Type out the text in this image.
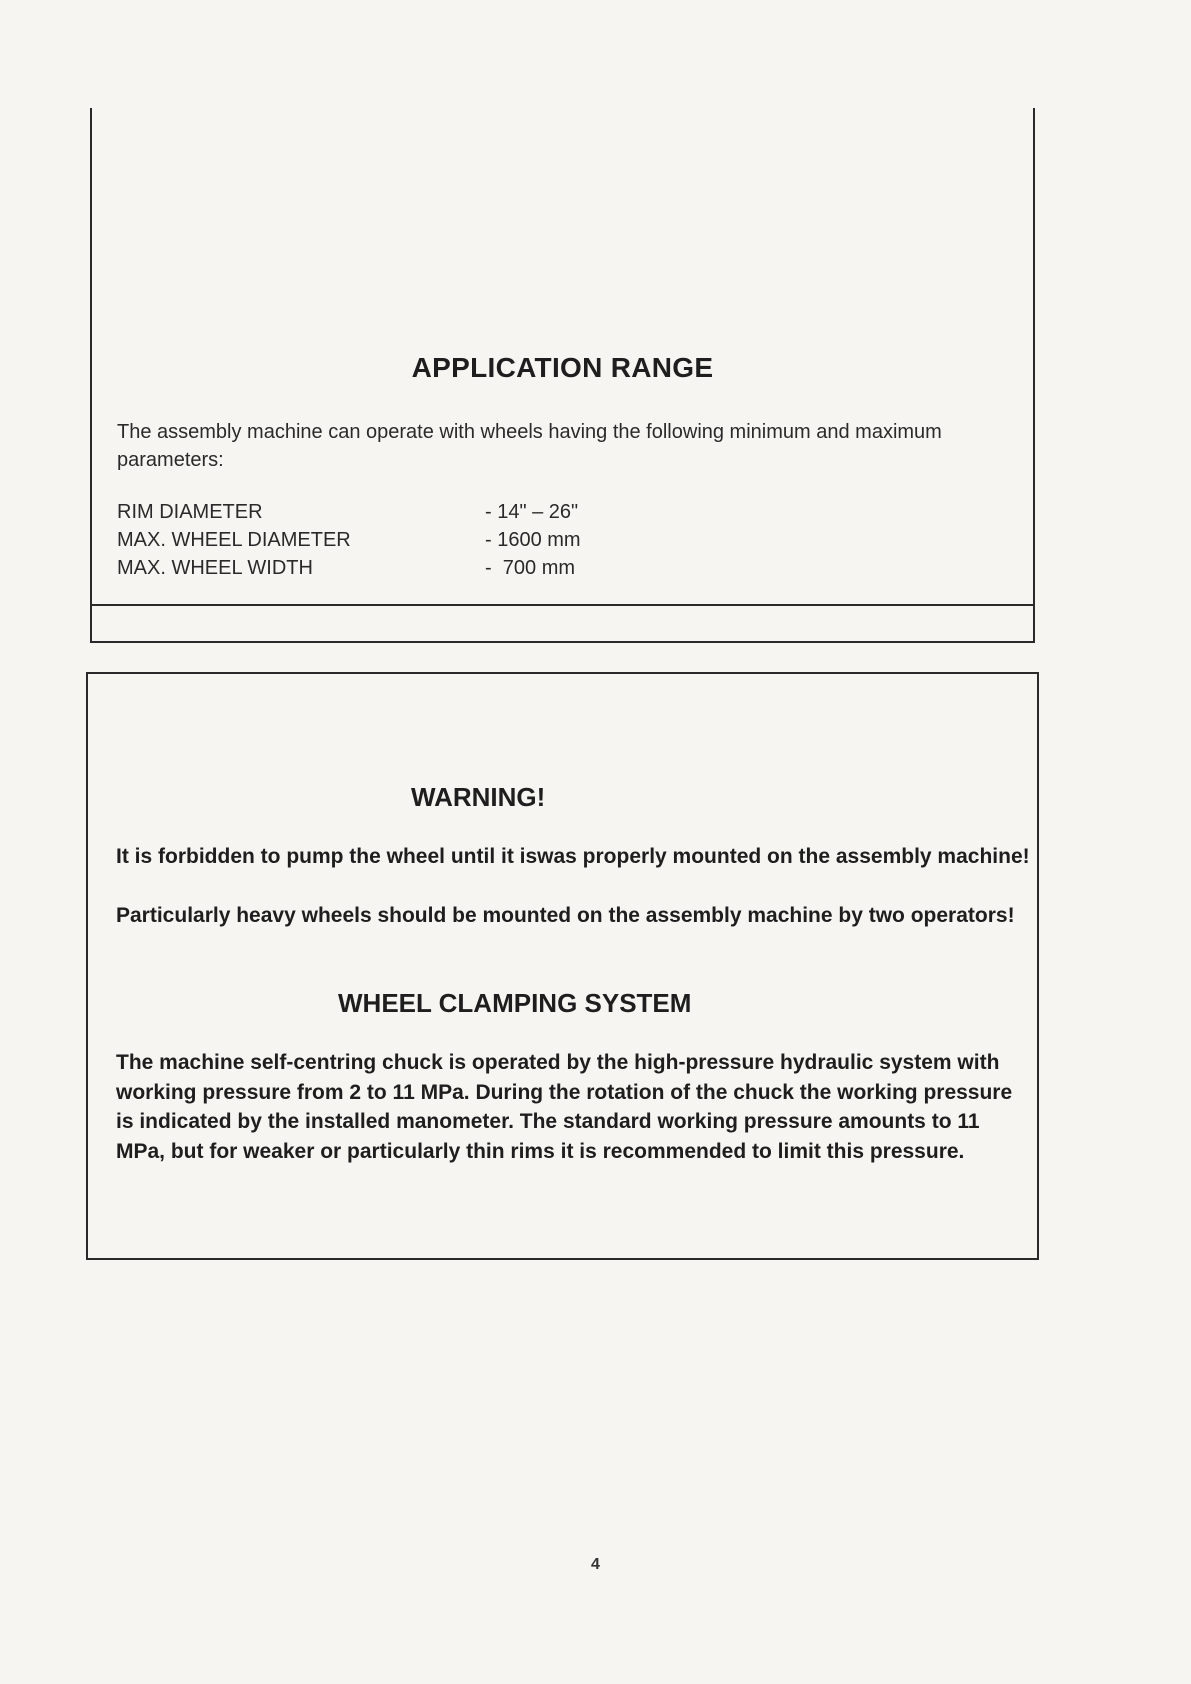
APPLICATION RANGE

The assembly machine can operate with wheels having the following minimum and maximum parameters:

RIM DIAMETER	- 14" – 26"
MAX. WHEEL DIAMETER	- 1600 mm
MAX. WHEEL WIDTH	-  700 mm
WARNING!

It is forbidden to pump the wheel until it iswas properly mounted on the assembly machine!

Particularly heavy wheels should be mounted on the assembly machine by two operators!

WHEEL CLAMPING SYSTEM

The machine self-centring chuck is operated by the high-pressure hydraulic system with working pressure from 2 to 11 MPa. During the rotation of the chuck the working pressure is indicated by the installed manometer. The standard working pressure amounts to 11 MPa, but for weaker or particularly thin rims it is recommended to limit this pressure.

4
